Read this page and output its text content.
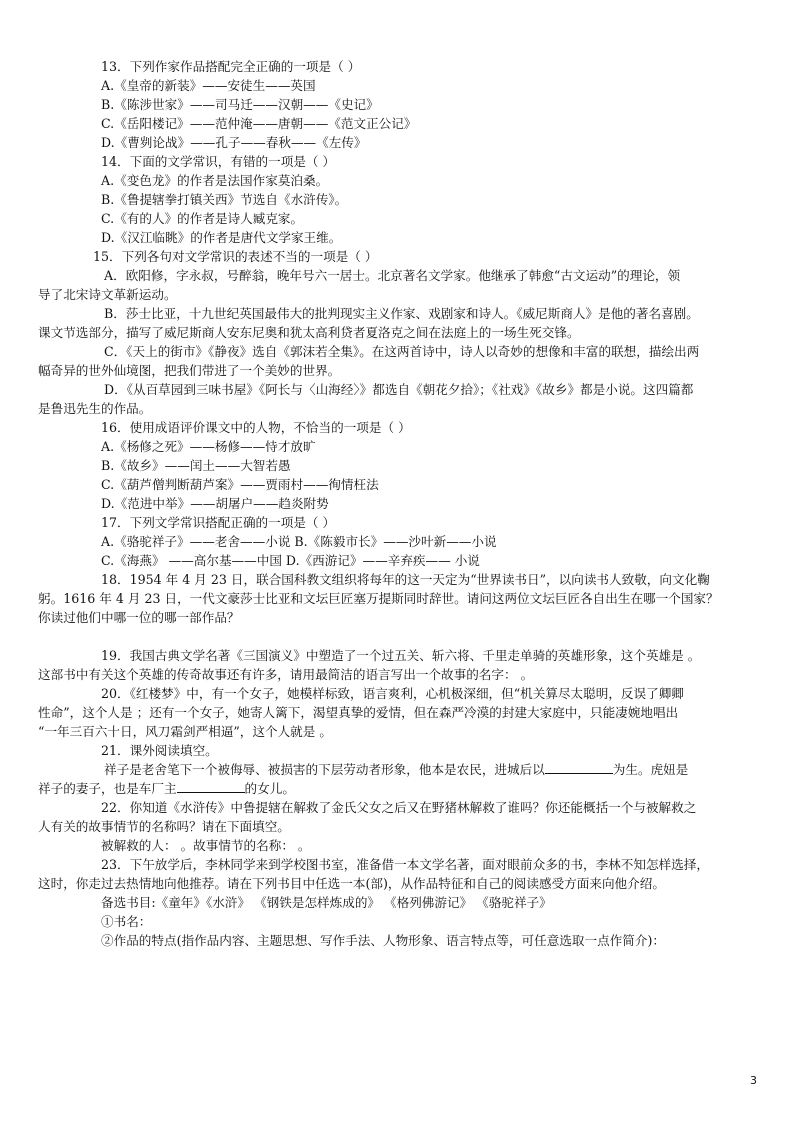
13．下列作家作品搭配完全正确的一项是（ ）
A.《皇帝的新装》——安徒生——英国
B.《陈涉世家》——司马迁——汉朝——《史记》
C.《岳阳楼记》——范仲淹——唐朝——《范文正公记》
D.《曹刿论战》——孔子——春秋——《左传》
14．下面的文学常识，有错的一项是（ ）
A.《变色龙》的作者是法国作家莫泊桑。
B.《鲁提辖拳打镇关西》节选自《水浒传》。
C.《有的人》的作者是诗人臧克家。
D.《汉江临眺》的作者是唐代文学家王维。
15．下列各句对文学常识的表述不当的一项是（ ）
A．欧阳修，字永叔，号醉翁，晚年号六一居士。北京著名文学家。他继承了韩愈“古文运动”的理论，领
导了北宋诗文革新运动。
B．莎士比亚，十九世纪英国最伟大的批判现实主义作家、戏剧家和诗人。《威尼斯商人》是他的著名喜剧。
课文节选部分，描写了威尼斯商人安东尼奥和犹太高利贷者夏洛克之间在法庭上的一场生死交锋。
C．《天上的街市》《静夜》选自《郭沫若全集》。在这两首诗中，诗人以奇妙的想像和丰富的联想，描绘出两
幅奇异的世外仙境图，把我们带进了一个美妙的世界。
D．《从百草园到三味书屋》《阿长与〈山海经〉》都选自《朝花夕拾》；《社戏》《故乡》都是小说。这四篇都
是鲁迅先生的作品。
16．使用成语评价课文中的人物，不恰当的一项是（ ）
A.《杨修之死》——杨修——恃才放旷
B.《故乡》——闰土——大智若愚
C.《葫芦僧判断葫芦案》——贾雨村——徇情枉法
D.《范进中举》——胡屠户——趋炎附势
17．下列文学常识搭配正确的一项是（ ）
A.《骆驼祥子》——老舍——小说 B.《陈毅市长》——沙叶新——小说
C.《海燕》 ——高尔基——中国 D.《西游记》——辛弃疾—— 小说
18．1954 年 4 月 23 日，联合国科教文组织将每年的这一天定为“世界读书日”，以向读书人致敬，向文化鞠
躬。1616 年 4 月 23 日，一代文豪莎士比亚和文坛巨匠塞万提斯同时辞世。请问这两位文坛巨匠各自出生在哪一个国家？
你读过他们中哪一位的哪一部作品？
19．我国古典文学名著《三国演义》中塑造了一个过五关、斩六将、千里走单骑的英雄形象，这个英雄是 。
这部书中有关这个英雄的传奇故事还有许多，请用最简洁的语言写出一个故事的名字： 。
20．《红楼梦》中，有一个女子，她模样标致，语言爽利，心机极深细，但“机关算尽太聪明，反误了卿卿
性命”，这个人是 ；还有一个女子，她寄人篱下，渴望真挚的爱情，但在森严冷漠的封建大家庭中，只能凄婉地唱出
“一年三百六十日，风刀霜剑严相逼”，这个人就是 。
21．课外阅读填空。
祥子是老舍笔下一个被侮辱、被损害的下层劳动者形象，他本是农民，进城后以	为生。虎妞是
祥子的妻子，也是车厂主	的女儿。
22．你知道《水浒传》中鲁提辖在解救了金氏父女之后又在野猪林解救了谁吗？你还能概括一个与被解救之
人有关的故事情节的名称吗？请在下面填空。
被解救的人： 。故事情节的名称： 。
23．下午放学后，李林同学来到学校图书室，准备借一本文学名著，面对眼前众多的书，李林不知怎样选择，
这时，你走过去热情地向他推荐。请在下列书目中任选一本(部)，从作品特征和自己的阅读感受方面来向他介绍。
备选书目:《童年》《水浒》 《钢铁是怎样炼成的》 《格列佛游记》 《骆驼祥子》
①书名：
②作品的特点(指作品内容、主题思想、写作手法、人物形象、语言特点等，可任意选取一点作简介)：
3
